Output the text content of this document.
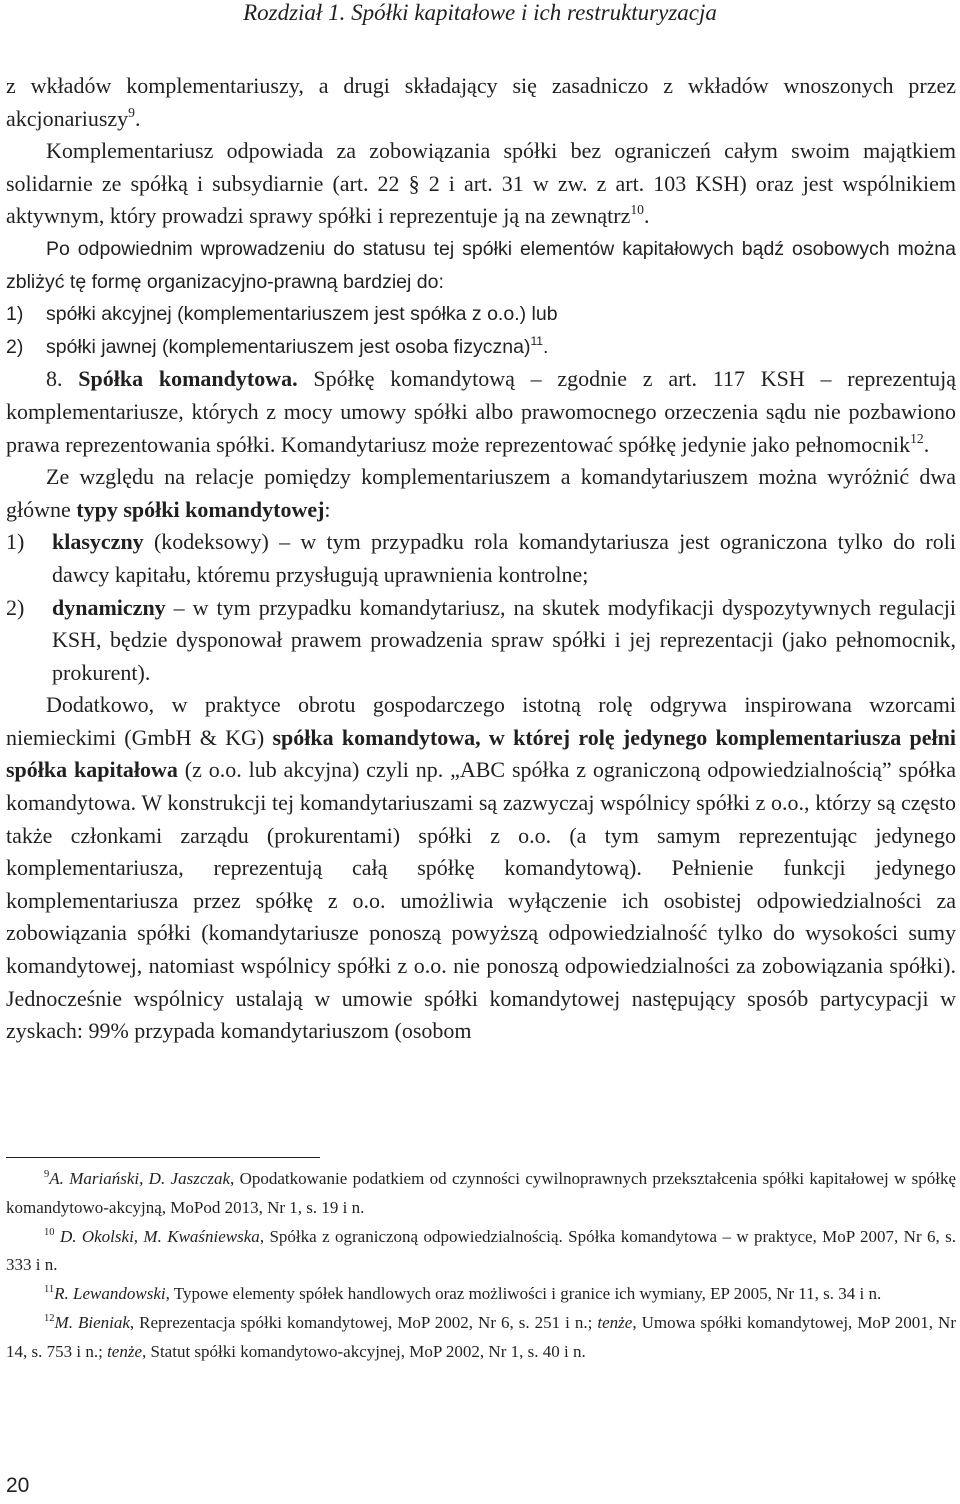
Rozdział 1. Spółki kapitałowe i ich restrukturyzacja

z wkładów komplementariuszy, a drugi składający się zasadniczo z wkładów wnoszonych przez akcjonariuszy$^9$.

Komplementariusz odpowiada za zobowiązania spółki bez ograniczeń całym swoim majątkiem solidarnie ze spółką i subsydiarnie (art. 22 § 2 i art. 31 w zw. z art. 103 KSH) oraz jest wspólnikiem aktywnym, który prowadzi sprawy spółki i reprezentuje ją na zewnątrz$^{10}$.

Po odpowiednim wprowadzeniu do statusu tej spółki elementów kapitałowych bądź osobowych można zbliżyć tę formę organizacyjno-prawną bardziej do:

1) spółki akcyjnej (komplementariuszem jest spółka z o.o.) lub

2) spółki jawnej (komplementariuszem jest osoba fizyczna)$^{11}$.

8. Spółka komandytowa. Spółkę komandytową – zgodnie z art. 117 KSH – reprezentują komplementariusze, których z mocy umowy spółki albo prawomocnego orzeczenia sądu nie pozbawiono prawa reprezentowania spółki. Komandytariusz może reprezentować spółkę jedynie jako pełnomocnik$^{12}$.

Ze względu na relacje pomiędzy komplementariuszem a komandytariuszem można wyróżnić dwa główne typy spółki komandytowej:

1) klasyczny (kodeksowy) – w tym przypadku rola komandytariusza jest ograniczona tylko do roli dawcy kapitału, któremu przysługują uprawnienia kontrolne;

2) dynamiczny – w tym przypadku komandytariusz, na skutek modyfikacji dyspozytywnych regulacji KSH, będzie dysponował prawem prowadzenia spraw spółki i jej reprezentacji (jako pełnomocnik, prokurent).

Dodatkowo, w praktyce obrotu gospodarczego istotną rolę odgrywa inspirowana wzorcami niemieckimi (GmbH & KG) spółka komandytowa, w której rolę jedynego komplementariusza pełni spółka kapitałowa (z o.o. lub akcyjna) czyli np. „ABC spółka z ograniczoną odpowiedzialnością” spółka komandytowa. W konstrukcji tej komandytariuszami są zazwyczaj wspólnicy spółki z o.o., którzy są często także członkami zarządu (prokurentami) spółki z o.o. (a tym samym reprezentując jedynego komplementariusza, reprezentują całą spółkę komandytową). Pełnienie funkcji jedynego komplementariusza przez spółkę z o.o. umożliwia wyłączenie ich osobistej odpowiedzialności za zobowiązania spółki (komandytariusze ponoszą powyższą odpowiedzialność tylko do wysokości sumy komandytowej, natomiast wspólnicy spółki z o.o. nie ponoszą odpowiedzialności za zobowiązania spółki). Jednocześnie wspólnicy ustalają w umowie spółki komandytowej następujący sposób partycypacji w zyskach: 99% przypada komandytariuszom (osobom

$^9$A. Mariański, D. Jaszczak, Opodatkowanie podatkiem od czynności cywilnoprawnych przekształcenia spółki kapitałowej w spółkę komandytowo-akcyjną, MoPod 2013, Nr 1, s. 19 i n.

$^{10}$ D. Okolski, M. Kwaśniewska, Spółka z ograniczoną odpowiedzialnością. Spółka komandytowa – w praktyce, MoP 2007, Nr 6, s. 333 i n.

$^{11}$R. Lewandowski, Typowe elementy spółek handlowych oraz możliwości i granice ich wymiany, EP 2005, Nr 11, s. 34 i n.

$^{12}$M. Bieniak, Reprezentacja spółki komandytowej, MoP 2002, Nr 6, s. 251 i n.; tenże, Umowa spółki komandytowej, MoP 2001, Nr 14, s. 753 i n.; tenże, Statut spółki komandytowo-akcyjnej, MoP 2002, Nr 1, s. 40 i n.

20
